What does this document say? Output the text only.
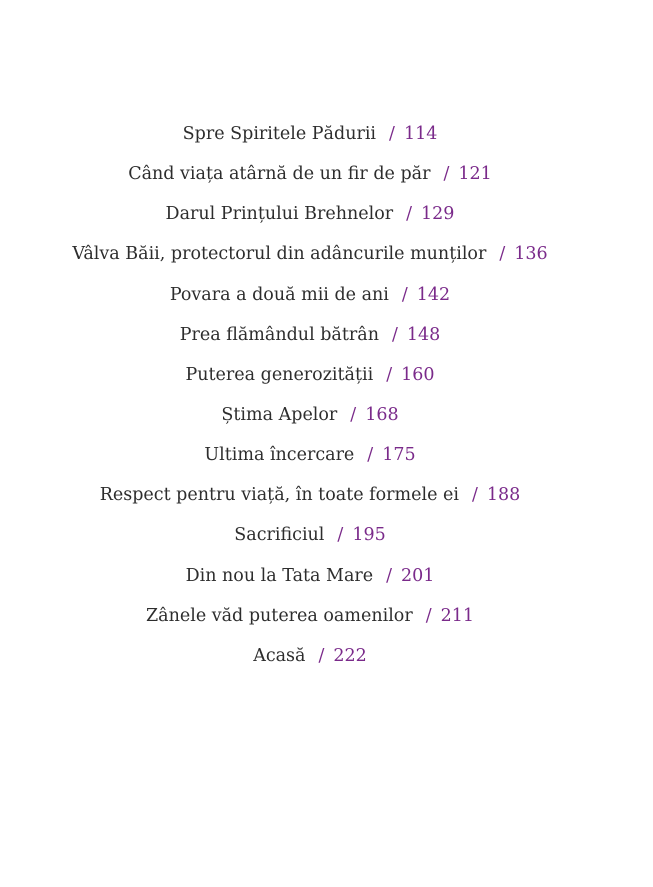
Spre Spiritele Pădurii / 114
Când viața atârnă de un fir de păr / 121
Darul Prințului Brehnelor / 129
Vâlva Băii, protectorul din adâncurile munților / 136
Povara a două mii de ani / 142
Prea flămândul bătrân / 148
Puterea generozității / 160
Știma Apelor / 168
Ultima încercare / 175
Respect pentru viață, în toate formele ei / 188
Sacrificiul / 195
Din nou la Tata Mare / 201
Zânele văd puterea oamenilor / 211
Acasă / 222
